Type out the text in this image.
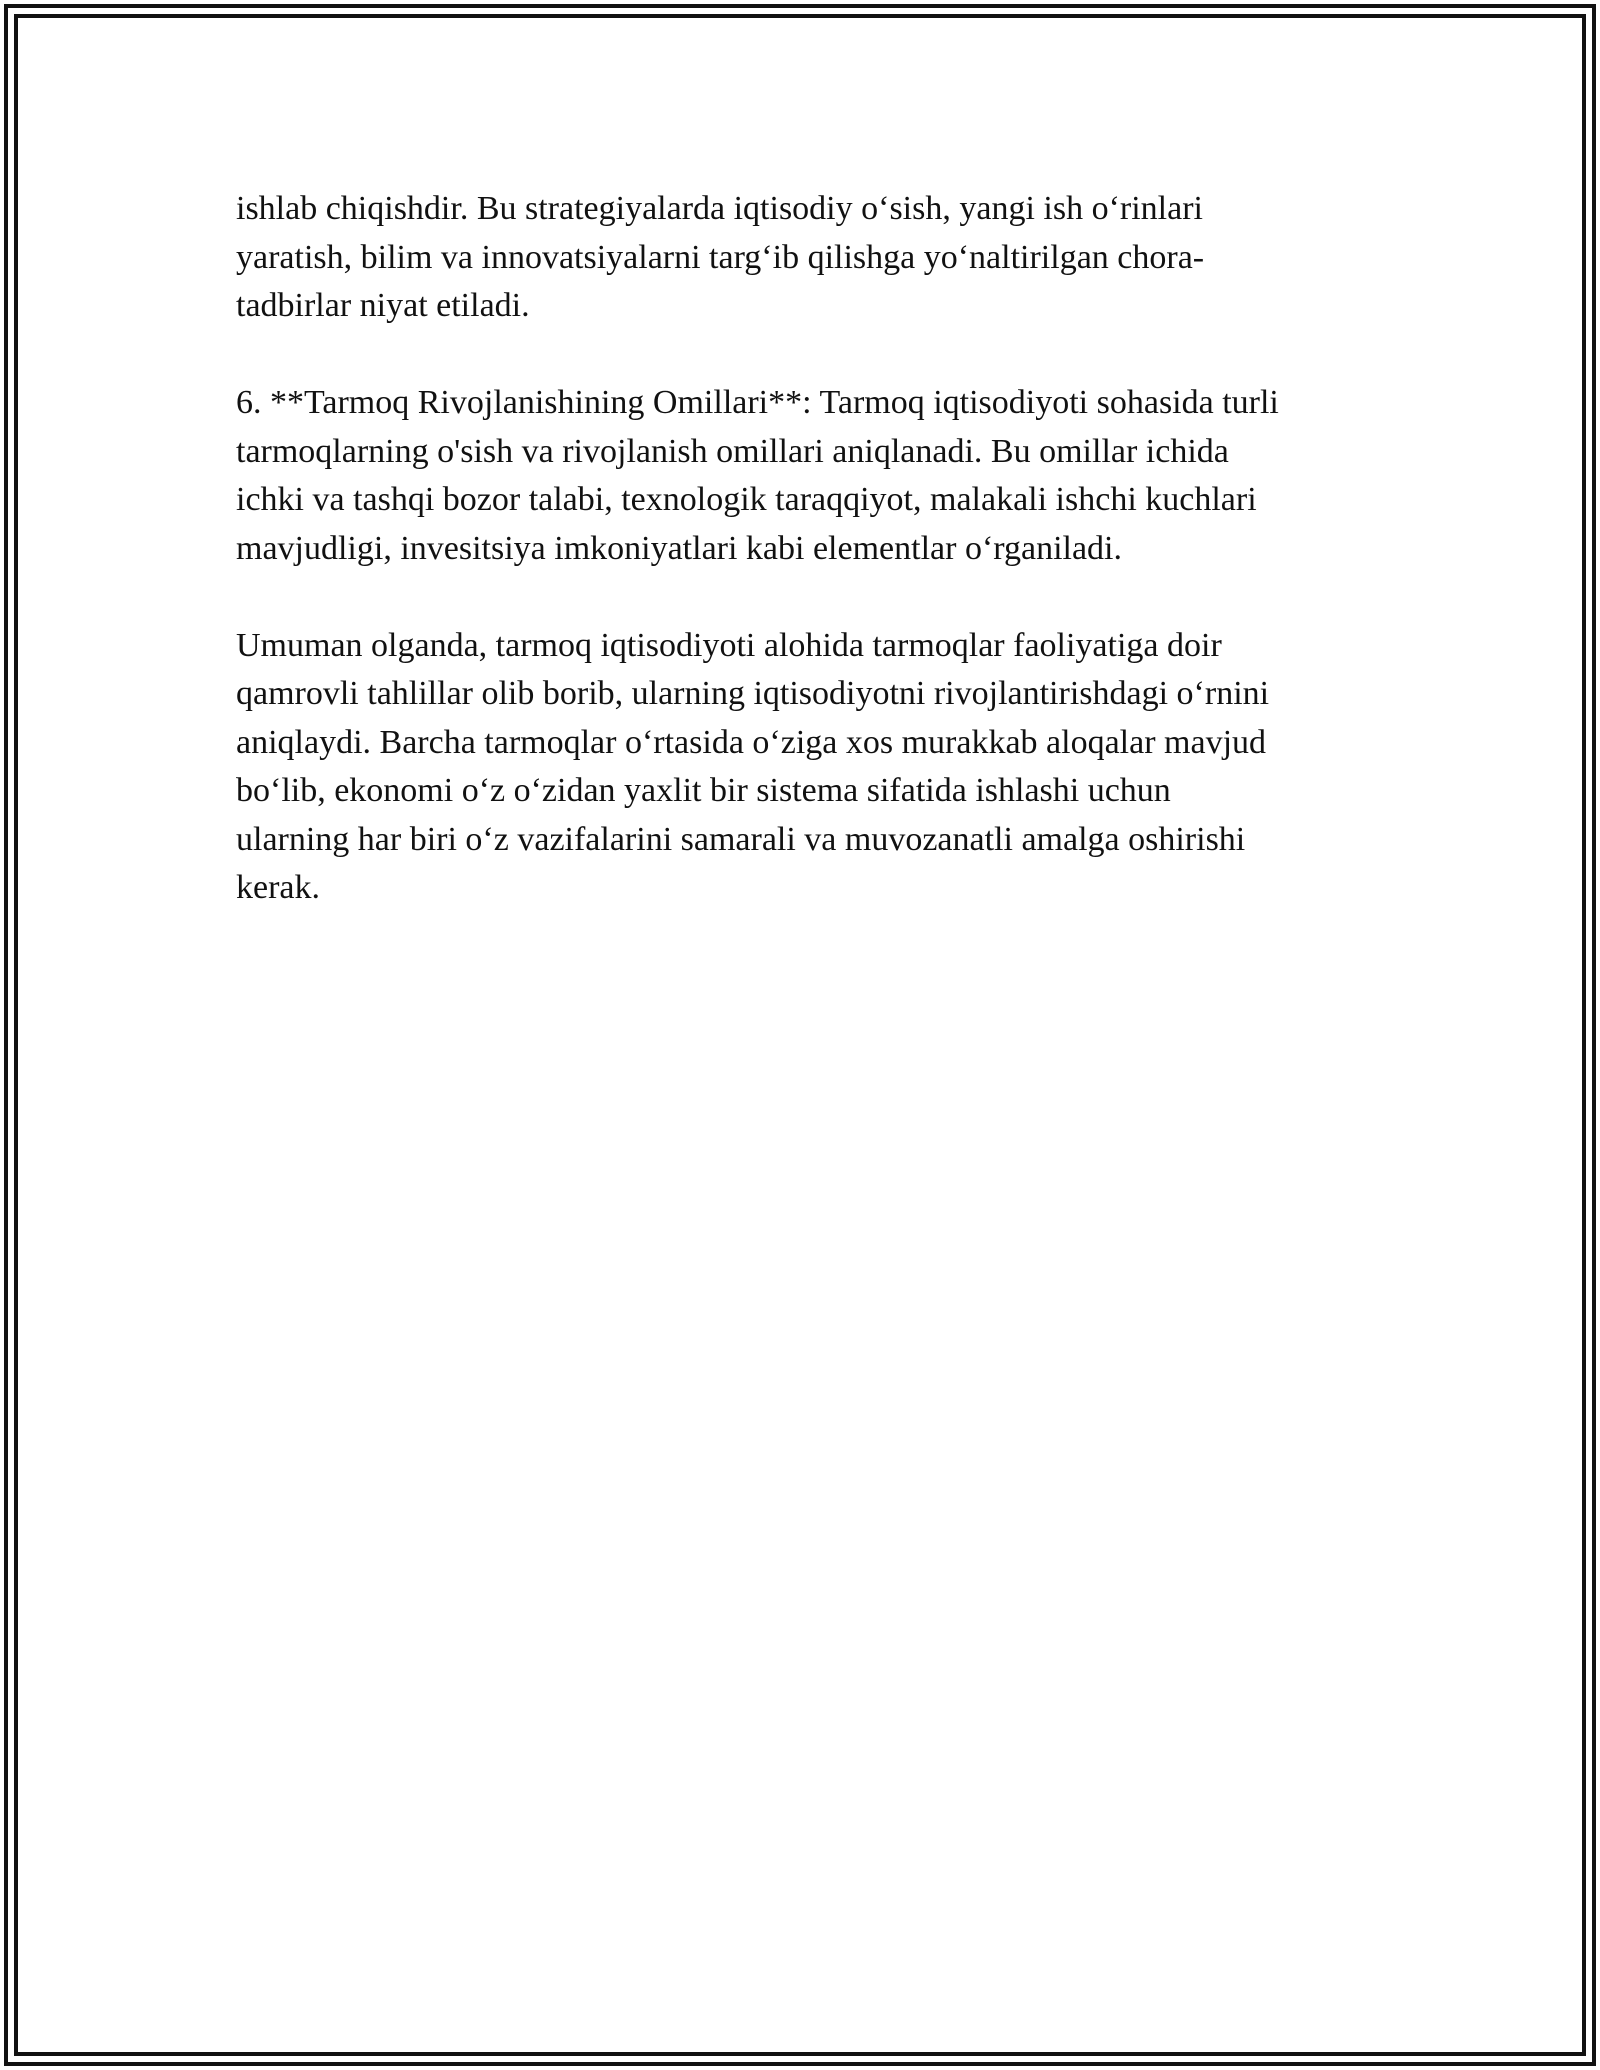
ishlab chiqishdir. Bu strategiyalarda iqtisodiy o‘sish, yangi ish o‘rinlari
yaratish, bilim va innovatsiyalarni targ‘ib qilishga yo‘naltirilgan chora-
tadbirlar niyat etiladi.

6. **Tarmoq Rivojlanishining Omillari**: Tarmoq iqtisodiyoti sohasida turli
tarmoqlarning o'sish va rivojlanish omillari aniqlanadi. Bu omillar ichida
ichki va tashqi bozor talabi, texnologik taraqqiyot, malakali ishchi kuchlari
mavjudligi, invesitsiya imkoniyatlari kabi elementlar o‘rganiladi.

Umuman olganda, tarmoq iqtisodiyoti alohida tarmoqlar faoliyatiga doir
qamrovli tahlillar olib borib, ularning iqtisodiyotni rivojlantirishdagi o‘rnini
aniqlaydi. Barcha tarmoqlar o‘rtasida o‘ziga xos murakkab aloqalar mavjud
bo‘lib, ekonomi o‘z o‘zidan yaxlit bir sistema sifatida ishlashi uchun
ularning har biri o‘z vazifalarini samarali va muvozanatli amalga oshirishi
kerak.
